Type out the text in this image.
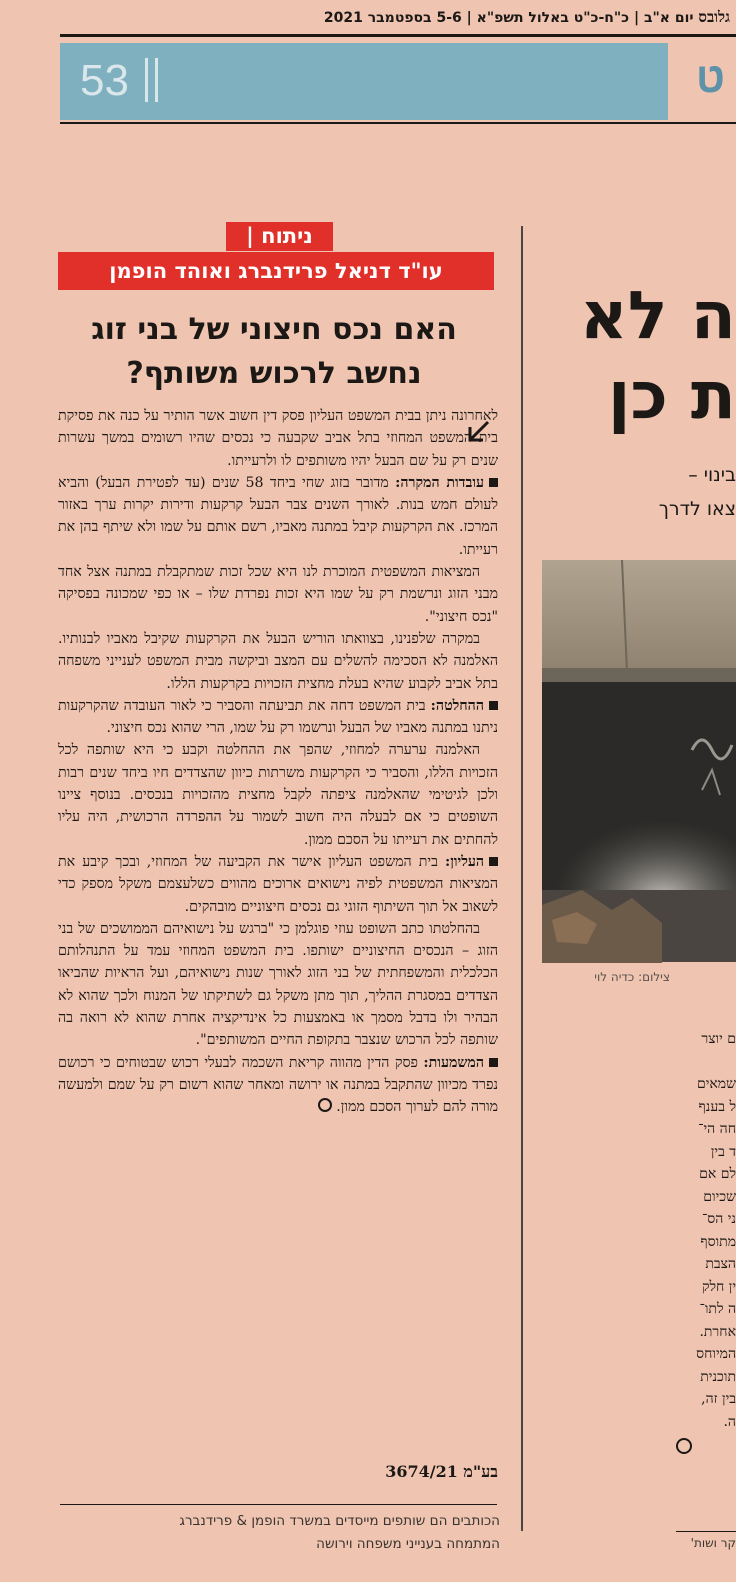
גלובס יום א"ב | כ"ח-כ"ט באלול תשפ"א | 5-6 בספטמבר 2021
53	ט
ניתוח |
עו"ד דניאל פרידנברג ואוהד הופמן
האם נכס חיצוני של בני זוג
נחשב לרכוש משותף?

לאחרונה ניתן בבית המשפט העליון פסק דין חשוב אשר הותיר על כנה את פסיקת בית המשפט המחוזי בתל אביב שקבעה כי נכסים שהיו רשומים במשך עשרות שנים רק על שם הבעל יהיו משותפים לו ולרעייתו.

עובדות המקרה: מדובר בזוג שחי ביחד 58 שנים (עד לפטירת הבעל) והביא לעולם חמש בנות. לאורך השנים צבר הבעל קרקעות ודירות יקרות ערך באזור המרכז. את הקרקעות קיבל במתנה מאביו, רשם אותם על שמו ולא שיתף בהן את רעייתו.

המציאות המשפטית המוכרת לנו היא שכל זכות שמתקבלת במתנה אצל אחד מבני הזוג ונרשמת רק על שמו היא זכות נפרדת שלו – או כפי שמכונה בפסיקה "נכס חיצוני".

במקרה שלפנינו, בצוואתו הוריש הבעל את הקרקעות שקיבל מאביו לבנותיו. האלמנה לא הסכימה להשלים עם המצב וביקשה מבית המשפט לענייני משפחה בתל אביב לקבוע שהיא בעלת מחצית הזכויות בקרקעות הללו.

ההחלטה: בית המשפט דחה את תביעתה והסביר כי לאור העובדה שהקרקעות ניתנו במתנה מאביו של הבעל ונרשמו רק על שמו, הרי שהוא נכס חיצוני.

האלמנה ערערה למחוזי, שהפך את ההחלטה וקבע כי היא שותפה לכל הזכויות הללו, והסביר כי הקרקעות משרתות כיוון שהצדדים חיו ביחד שנים רבות ולכן לגיטימי שהאלמנה ציפתה לקבל מחצית מהזכויות בנכסים. בנוסף ציינו השופטים כי אם לבעלה היה חשוב לשמור על ההפרדה הרכושית, היה עליו להחתים את רעייתו על הסכם ממון.

העליון: בית המשפט העליון אישר את הקביעה של המחוזי, ובכך קיבע את המציאות המשפטית לפיה נישואים ארוכים מהווים כשלעצמם משקל מספק כדי לשאוב אל תוך השיתוף הזוגי גם נכסים חיצוניים מובהקים.

בהחלטתו כתב השופט עוזי פוגלמן כי "ברגש על נישואיהם הממושכים של בני הזוג – הנכסים החיצוניים ישותפו. בית המשפט המחוזי עמד על התנהלותם הכלכלית והמשפחתית של בני הזוג לאורך שנות נישואיהם, ועל הראיות שהביאו הצדדים במסגרת ההליך, תוך מתן משקל גם לשתיקתו של המנוח ולכך שהוא לא הבהיר ולו בדבל מסמך או באמצעות כל אינדיקציה אחרת שהוא לא רואה בה שותפה לכל הרכוש שנצבר בתקופת החיים המשותפים".

המשמעות: פסק הדין מהווה קריאת השכמה לבעלי רכוש שבטוחים כי רכושם נפרד מכיוון שהתקבל במתנה או ירושה ומאחר שהוא רשום רק על שמם ולמעשה מורה להם לערוך הסכם ממון.

בע"מ 3674/21
הכותבים הם שותפים מייסדים במשרד הופמן & פרידנברג
המתמחה בענייני משפחה וירושה
ה לא
ת כן
בינוי –
צאו לדרך
צילום: כדיה לוי
ם יוצר

שמאים
ל בענף
חה הי־
ד בין
לם אם
שכיום
ני הס־
מתוסף
הצבת
ין חלק
ה לתו־
אחרת.
המיוחס
תוכנית
בין זה,
ה.
קר ושות'
